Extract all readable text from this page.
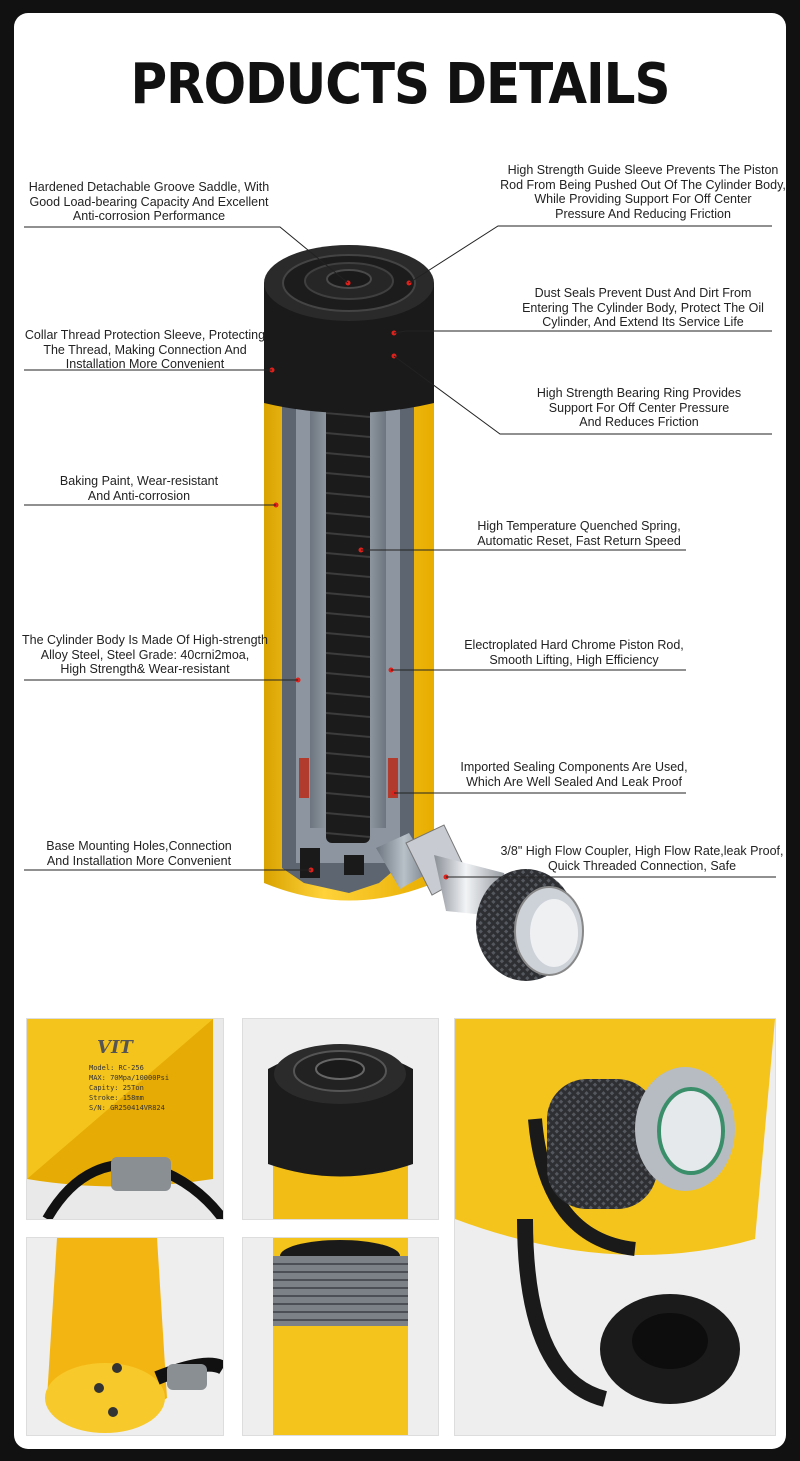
PRODUCTS DETAILS
Hardened Detachable Groove Saddle, With
Good Load-bearing Capacity And Excellent
Anti-corrosion Performance
Collar Thread Protection Sleeve, Protecting
The Thread, Making Connection And
Installation More Convenient
Baking Paint, Wear-resistant
And Anti-corrosion
The Cylinder Body Is Made Of High-strength
Alloy Steel, Steel Grade: 40crni2moa,
High Strength& Wear-resistant
Base Mounting Holes,Connection
And Installation More Convenient
High Strength Guide Sleeve Prevents The Piston
Rod From Being Pushed Out Of The Cylinder Body,
While Providing Support For Off Center
Pressure And Reducing Friction
Dust Seals Prevent Dust And Dirt From
Entering The Cylinder Body, Protect The Oil
Cylinder, And Extend Its Service Life
High Strength Bearing Ring Provides
Support For Off Center Pressure
And Reduces Friction
High Temperature Quenched Spring,
Automatic Reset, Fast Return Speed
Electroplated Hard Chrome Piston Rod,
Smooth Lifting, High Efficiency
Imported Sealing Components Are Used,
Which Are Well Sealed And Leak Proof
3/8" High Flow Coupler, High Flow Rate,leak Proof,
Quick Threaded Connection, Safe
VIT
Model: RC-256
MAX: 70Mpa/10000Psi
Capity: 25Ton
Stroke: 158mm
S/N: GR250414VR824
